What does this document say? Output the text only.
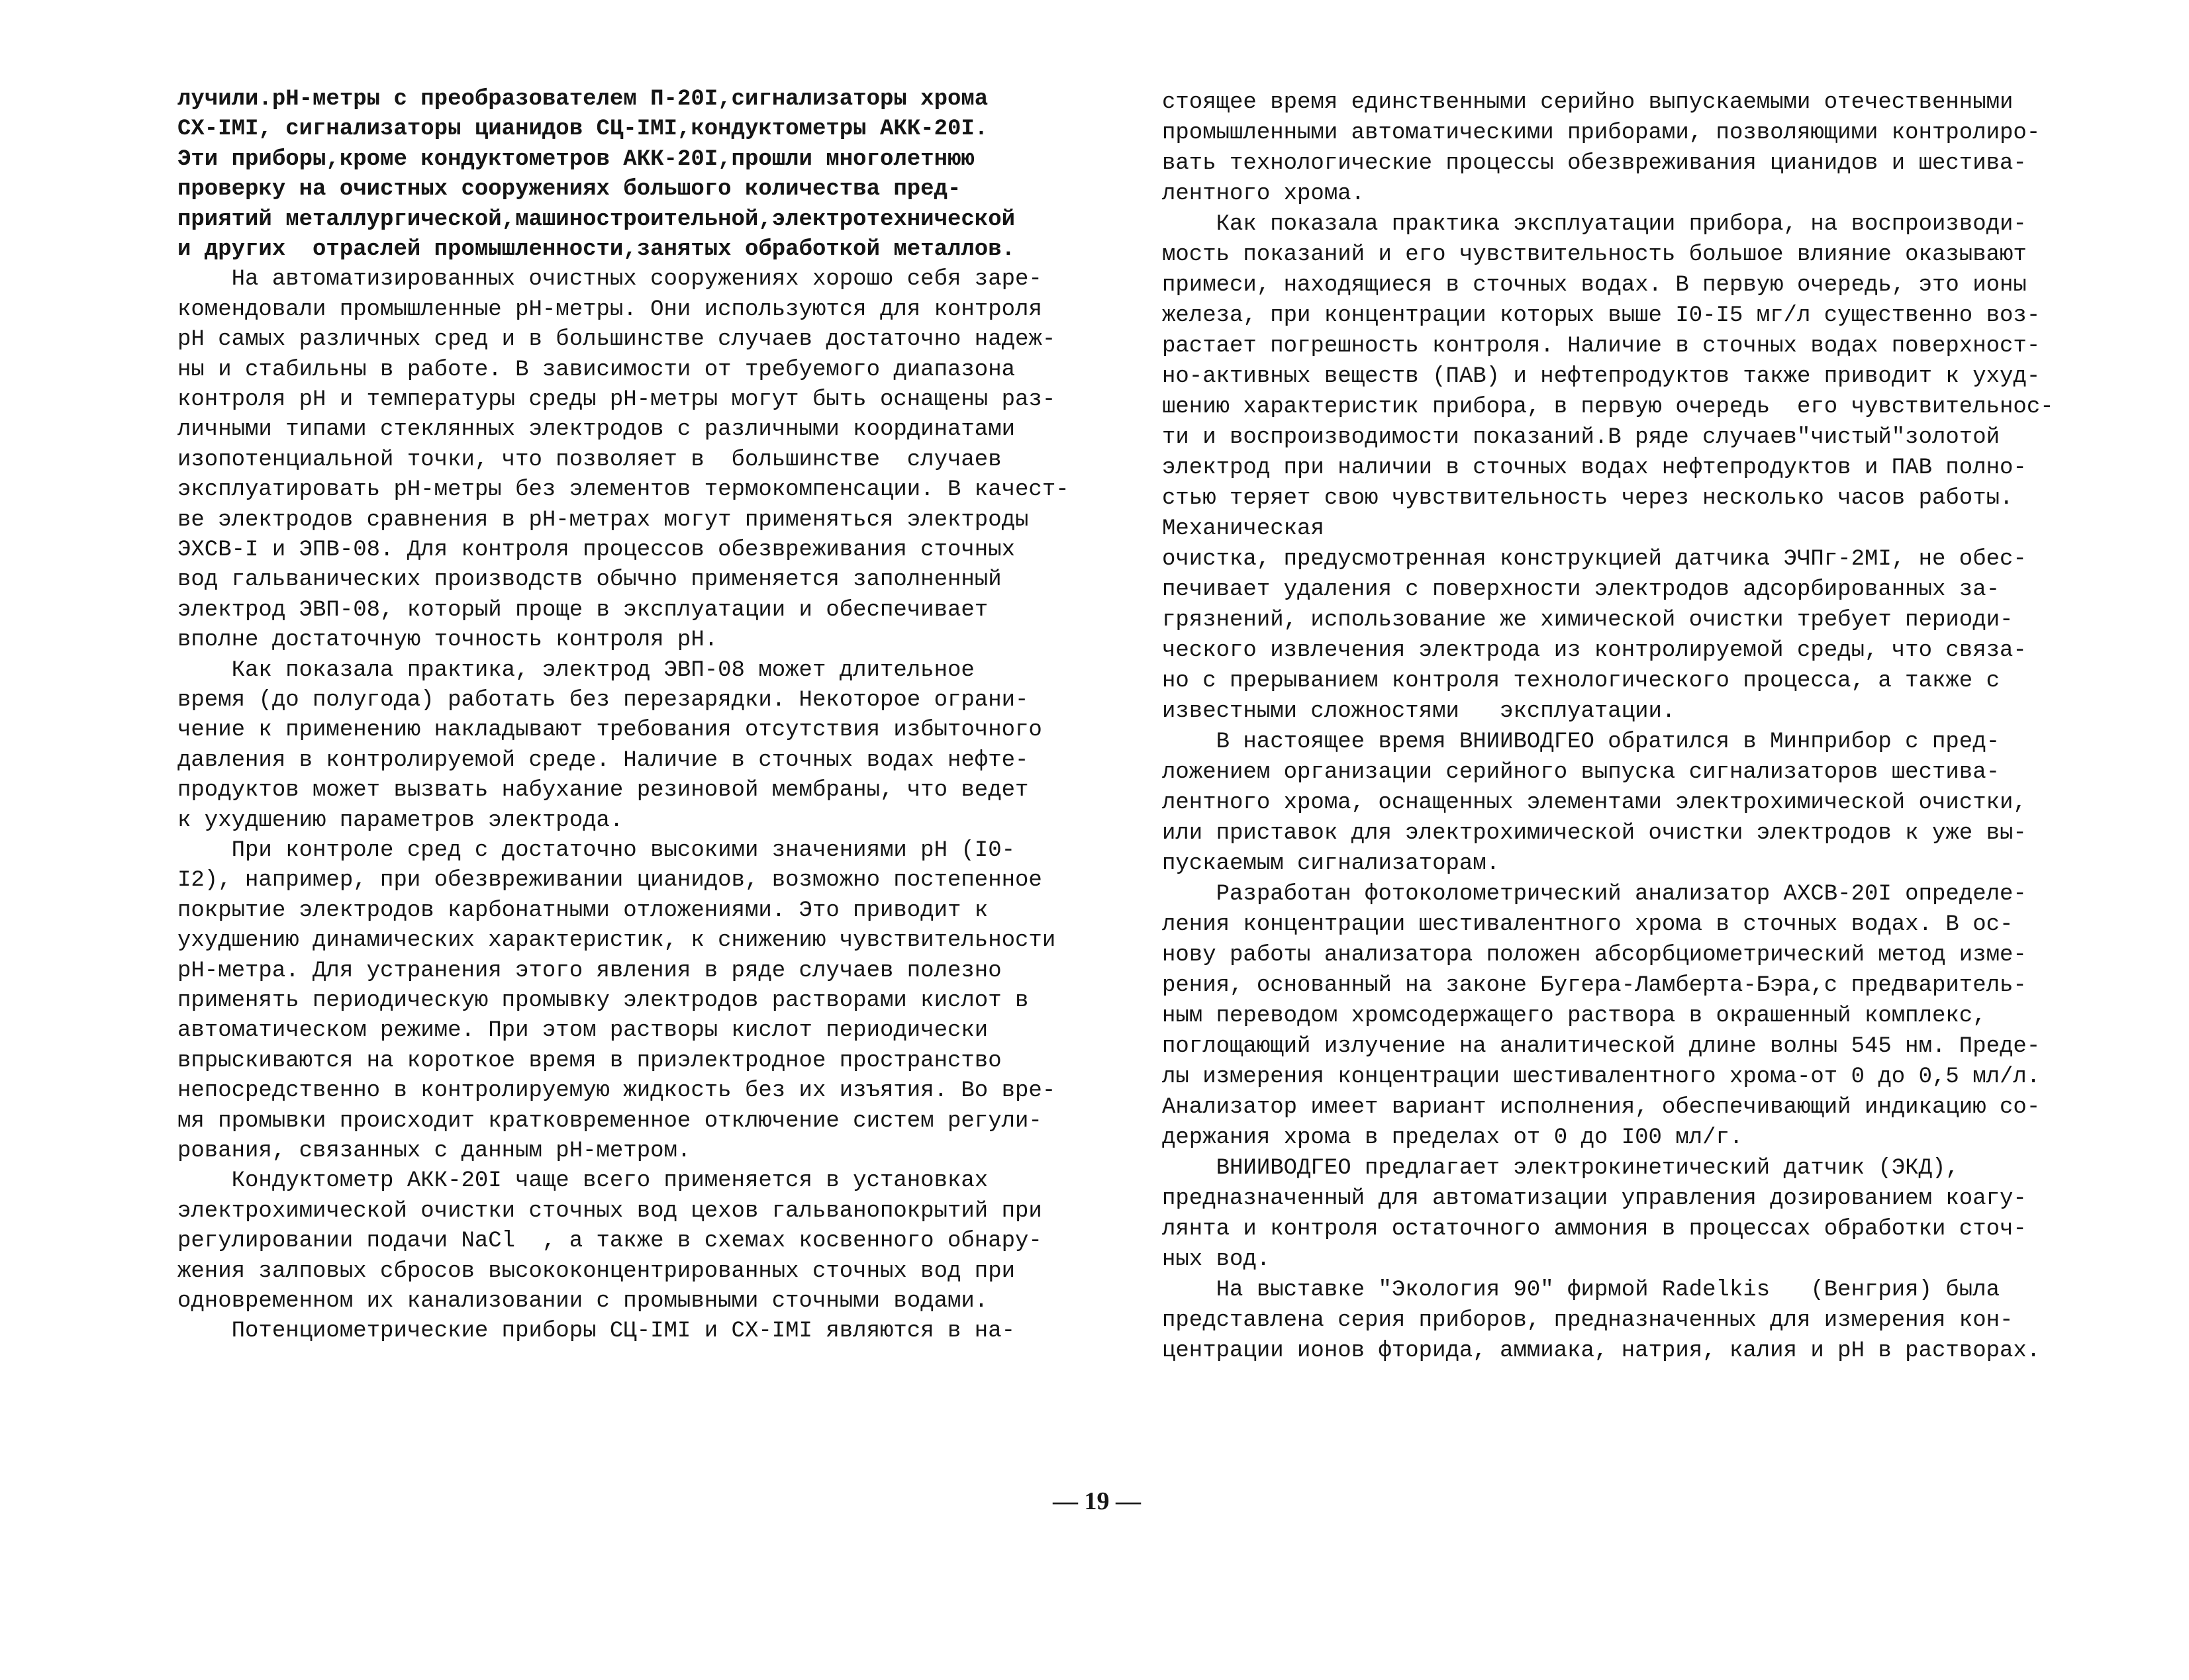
лучили.pH-метры с преобразователем П-20I,сигнализаторы хрома
СХ-IМI, сигнализаторы цианидов СЦ-IМI,кондуктометры АКК-20I.
Эти приборы,кроме кондуктометров АКК-20I,прошли многолетнюю
проверку на очистных сооружениях большого количества пред-
приятий металлургической,машиностроительной,электротехнической
и других  отраслей промышленности,занятых обработкой металлов.
На автоматизированных очистных сооружениях хорошо себя заре-
комендовали промышленные pH-метры. Они используются для контроля
pH самых различных сред и в большинстве случаев достаточно надеж-
ны и стабильны в работе. В зависимости от требуемого диапазона
контроля pH и температуры среды pH-метры могут быть оснащены раз-
личными типами стеклянных электродов с различными координатами
изопотенциальной точки, что позволяет в  большинстве  случаев
эксплуатировать pH-метры без элементов термокомпенсации. В качест-
ве электродов сравнения в pH-метрах могут применяться электроды
ЭХСВ-I и ЭПВ-08. Для контроля процессов обезвреживания сточных
вод гальванических производств обычно применяется заполненный
электрод ЭВП-08, который проще в эксплуатации и обеспечивает
вполне достаточную точность контроля pH.
Как показала практика, электрод ЭВП-08 может длительное
время (до полугода) работать без перезарядки. Некоторое ограни-
чение к применению накладывают требования отсутствия избыточного
давления в контролируемой среде. Наличие в сточных водах нефте-
продуктов может вызвать набухание резиновой мембраны, что ведет
к ухудшению параметров электрода.
При контроле сред с достаточно высокими значениями pH (I0-
I2), например, при обезвреживании цианидов, возможно постепенное
покрытие электродов карбонатными отложениями. Это приводит к
ухудшению динамических характеристик, к снижению чувствительности
pH-метра. Для устранения этого явления в ряде случаев полезно
применять периодическую промывку электродов растворами кислот в
автоматическом режиме. При этом растворы кислот периодически
впрыскиваются на короткое время в приэлектродное пространство
непосредственно в контролируемую жидкость без их изъятия. Во вре-
мя промывки происходит кратковременное отключение систем регули-
рования, связанных с данным pH-метром.
Кондуктометр АКК-20I чаще всего применяется в установках
электрохимической очистки сточных вод цехов гальванопокрытий при
регулировании подачи NaCl  , а также в схемах косвенного обнару-
жения залповых сбросов высококонцентрированных сточных вод при
одновременном их канализовании с промывными сточными водами.
Потенциометрические приборы СЦ-IМI и СХ-IМI являются в на-
стоящее время единственными серийно выпускаемыми отечественными
промышленными автоматическими приборами, позволяющими контролиро-
вать технологические процессы обезвреживания цианидов и шестива-
лентного хрома.
Как показала практика эксплуатации прибора, на воспроизводи-
мость показаний и его чувствительность большое влияние оказывают
примеси, находящиеся в сточных водах. В первую очередь, это ионы
железа, при концентрации которых выше I0-I5 мг/л существенно воз-
растает погрешность контроля. Наличие в сточных водах поверхност-
но-активных веществ (ПАВ) и нефтепродуктов также приводит к ухуд-
шению характеристик прибора, в первую очередь  его чувствительнос-
ти и воспроизводимости показаний.В ряде случаев"чистый"золотой
электрод при наличии в сточных водах нефтепродуктов и ПАВ полно-
стью теряет свою чувствительность через несколько часов работы.
Механическая
очистка, предусмотренная конструкцией датчика ЭЧПг-2МI, не обес-
печивает удаления с поверхности электродов адсорбированных за-
грязнений, использование же химической очистки требует периоди-
ческого извлечения электрода из контролируемой среды, что связа-
но с прерыванием контроля технологического процесса, а также с
известными сложностями   эксплуатации.
В настоящее время ВНИИВОДГЕО обратился в Минприбор с пред-
ложением организации серийного выпуска сигнализаторов шестива-
лентного хрома, оснащенных элементами электрохимической очистки,
или приставок для электрохимической очистки электродов к уже вы-
пускаемым сигнализаторам.
Разработан фотоколометрический анализатор АХСВ-20I определе-
ления концентрации шестивалентного хрома в сточных водах. В ос-
нову работы анализатора положен абсорбциометрический метод изме-
рения, основанный на законе Бугера-Ламберта-Бэра,с предваритель-
ным переводом хромсодержащего раствора в окрашенный комплекс,
поглощающий излучение на аналитической длине волны 545 нм. Преде-
лы измерения концентрации шестивалентного хрома-от 0 до 0,5 мл/л.
Анализатор имеет вариант исполнения, обеспечивающий индикацию со-
держания хрома в пределах от 0 до I00 мл/г.
ВНИИВОДГЕО предлагает электрокинетический датчик (ЭКД),
предназначенный для автоматизации управления дозированием коагу-
лянта и контроля остаточного аммония в процессах обработки сточ-
ных вод.
На выставке "Экология 90" фирмой Radelkis   (Венгрия) была
представлена серия приборов, предназначенных для измерения кон-
центрации ионов фторида, аммиака, натрия, калия и pH в растворах.
— 19 —
